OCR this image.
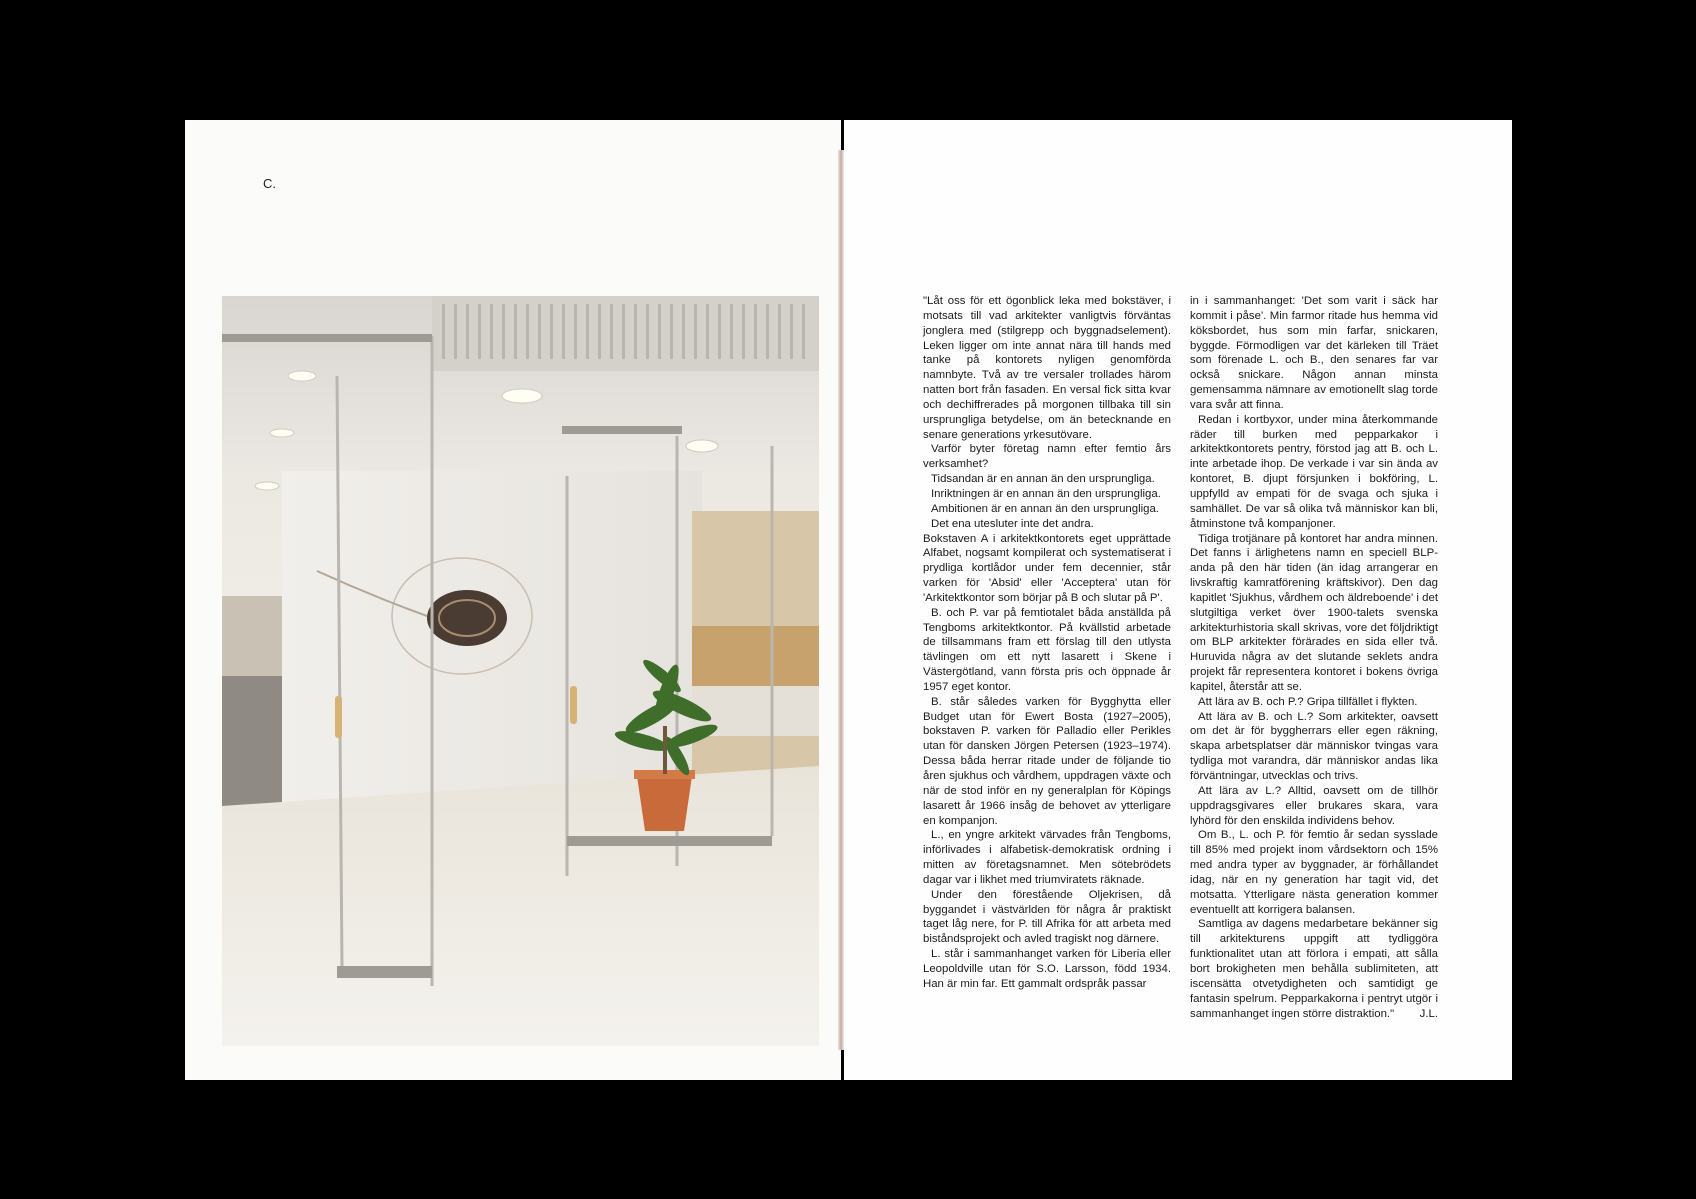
C.

"Låt oss för ett ögonblick leka med bokstäver, i motsats till vad arkitekter vanligtvis förväntas jonglera med (stilgrepp och byggnadselement). Leken ligger om inte annat nära till hands med tanke på kontorets nyligen genomförda namnbyte. Två av tre versaler trollades härom natten bort från fasaden. En versal fick sitta kvar och dechiffrerades på morgonen tillbaka till sin ursprungliga betydelse, om än betecknande en senare generations yrkesutövare.

Varför byter företag namn efter femtio års verksamhet?

Tidsandan är en annan än den ursprungliga.

Inriktningen är en annan än den ursprungliga.

Ambitionen är en annan än den ursprungliga.

Det ena utesluter inte det andra.

Bokstaven A i arkitektkontorets eget upprättade Alfabet, nogsamt kompilerat och systematiserat i prydliga kortlådor under fem decennier, står varken för 'Absid' eller 'Acceptera' utan för 'Arkitektkontor som börjar på B och slutar på P'.

B. och P. var på femtiotalet båda anställda på Tengboms arkitektkontor. På kvällstid arbetade de tillsammans fram ett förslag till den utlysta tävlingen om ett nytt lasarett i Skene i Västergötland, vann första pris och öppnade år 1957 eget kontor.

B. står således varken för Bygghytta eller Budget utan för Ewert Bosta (1927–2005), bokstaven P. varken för Palladio eller Perikles utan för dansken Jörgen Petersen (1923–1974). Dessa båda herrar ritade under de följande tio åren sjukhus och vårdhem, uppdragen växte och när de stod inför en ny generalplan för Köpings lasarett år 1966 insåg de behovet av ytterligare en kompanjon.

L., en yngre arkitekt värvades från Tengboms, införlivades i alfabetisk-demokratisk ordning i mitten av företagsnamnet. Men sötebrödets dagar var i likhet med triumviratets räknade.

Under den förestående Oljekrisen, då byggandet i västvärlden för några år praktiskt taget låg nere, for P. till Afrika för att arbeta med biståndsprojekt och avled tragiskt nog därnere.

L. står i sammanhanget varken för Liberia eller Leopoldville utan för S.O. Larsson, född 1934. Han är min far. Ett gammalt ordspråk passar

in i sammanhanget: 'Det som varit i säck har kommit i påse'. Min farmor ritade hus hemma vid köksbordet, hus som min farfar, snickaren, byggde. Förmodligen var det kärleken till Träet som förenade L. och B., den senares far var också snickare. Någon annan minsta gemensamma nämnare av emotionellt slag torde vara svår att finna.

Redan i kortbyxor, under mina återkommande räder till burken med pepparkakor i arkitektkontorets pentry, förstod jag att B. och L. inte arbetade ihop. De verkade i var sin ända av kontoret, B. djupt försjunken i bokföring, L. uppfylld av empati för de svaga och sjuka i samhället. De var så olika två människor kan bli, åtminstone två kompanjoner.

Tidiga trotjänare på kontoret har andra minnen. Det fanns i ärlighetens namn en speciell BLP-anda på den här tiden (än idag arrangerar en livskraftig kamratförening kräftskivor). Den dag kapitlet 'Sjukhus, vårdhem och äldreboende' i det slutgiltiga verket över 1900-talets svenska arkitekturhistoria skall skrivas, vore det följdriktigt om BLP arkitekter förärades en sida eller två. Huruvida några av det slutande seklets andra projekt får representera kontoret i bokens övriga kapitel, återstår att se.

Att lära av B. och P.? Gripa tillfället i flykten.

Att lära av B. och L.? Som arkitekter, oavsett om det är för byggherrars eller egen räkning, skapa arbetsplatser där människor tvingas vara tydliga mot varandra, där människor andas lika förväntningar, utvecklas och trivs.

Att lära av L.? Alltid, oavsett om de tillhör uppdragsgivares eller brukares skara, vara lyhörd för den enskilda individens behov.

Om B., L. och P. för femtio år sedan sysslade till 85% med projekt inom vårdsektorn och 15% med andra typer av byggnader, är förhållandet idag, när en ny generation har tagit vid, det motsatta. Ytterligare nästa generation kommer eventuellt att korrigera balansen.

Samtliga av dagens medarbetare bekänner sig till arkitekturens uppgift att tydliggöra funktionalitet utan att förlora i empati, att sålla bort brokigheten men behålla sublimiteten, att iscensätta otvetydigheten och samtidigt ge fantasin spelrum. Pepparkakorna i pentryt utgör i sammanhanget ingen större distraktion."	J.L.
